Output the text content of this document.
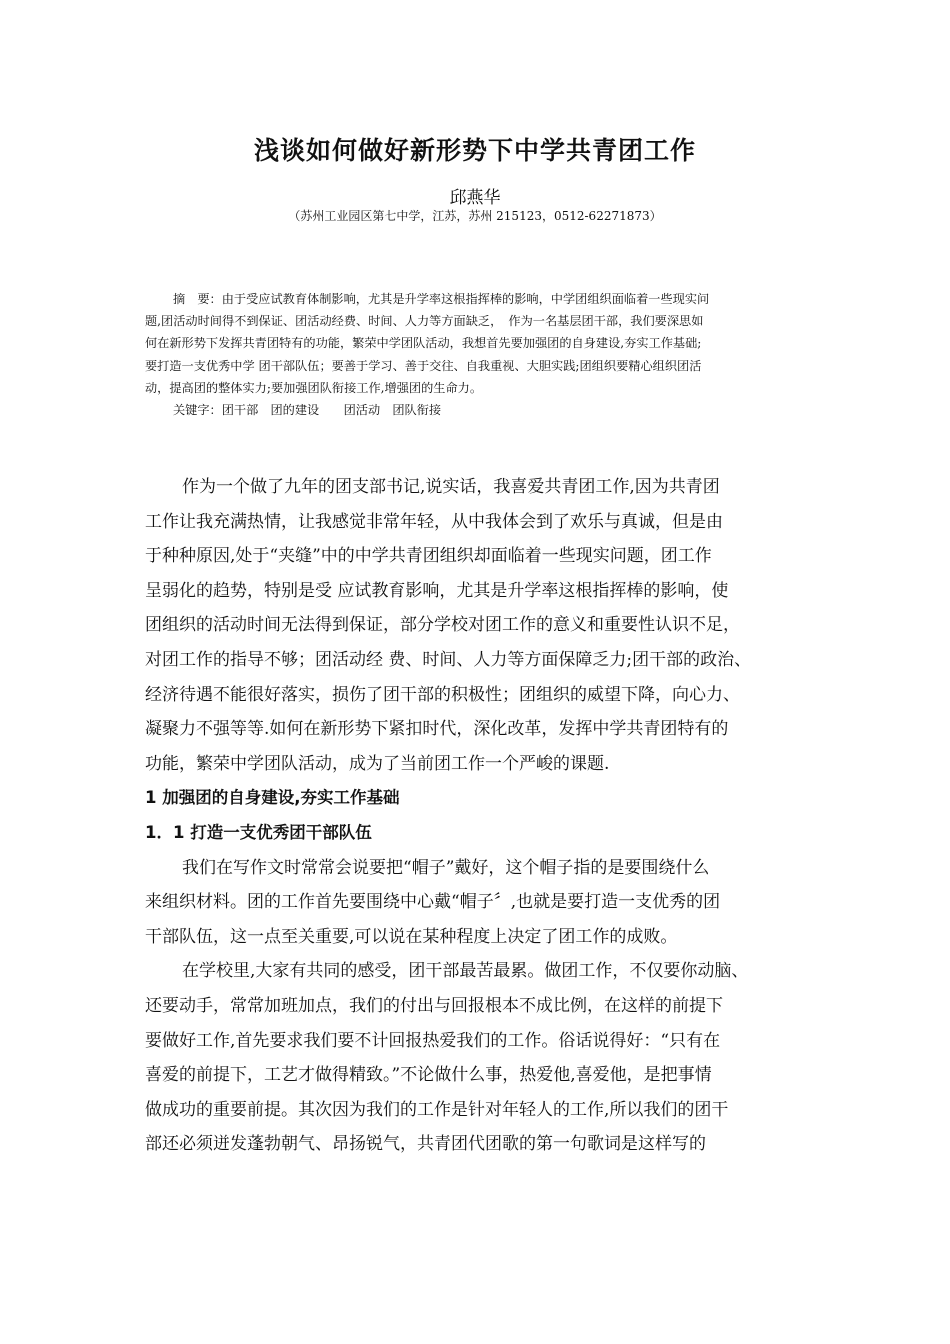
浅谈如何做好新形势下中学共青团工作
邱燕华
（苏州工业园区第七中学，江苏，苏州 215123，0512-62271873）
摘　要：由于受应试教育体制影响，尤其是升学率这根指挥棒的影响，中学团组织面临着一些现实问
题,团活动时间得不到保证、团活动经费、时间、人力等方面缺乏，　作为一名基层团干部，我们要深思如
何在新形势下发挥共青团特有的功能，繁荣中学团队活动，我想首先要加强团的自身建设,夯实工作基础;
要打造一支优秀中学 团干部队伍；要善于学习、善于交往、自我重视、大胆实践;团组织要精心组织团活
动，提高团的整体实力;要加强团队衔接工作,增强团的生命力。
关键字：团干部　团的建设　　团活动　团队衔接
作为一个做了九年的团支部书记,说实话，我喜爱共青团工作,因为共青团
工作让我充满热情，让我感觉非常年轻，从中我体会到了欢乐与真诚，但是由
于种种原因,处于“夹缝”中的中学共青团组织却面临着一些现实问题，团工作
呈弱化的趋势，特别是受 应试教育影响，尤其是升学率这根指挥棒的影响，使
团组织的活动时间无法得到保证，部分学校对团工作的意义和重要性认识不足，
对团工作的指导不够；团活动经 费、时间、人力等方面保障乏力;团干部的政治、
经济待遇不能很好落实，损伤了团干部的积极性；团组织的威望下降，向心力、
凝聚力不强等等.如何在新形势下紧扣时代，深化改革，发挥中学共青团特有的
功能，繁荣中学团队活动，成为了当前团工作一个严峻的课题.
1 加强团的自身建设,夯实工作基础
1．1 打造一支优秀团干部队伍
我们在写作文时常常会说要把“帽子”戴好，这个帽子指的是要围绕什么
来组织材料。团的工作首先要围绕中心戴“帽子〞,也就是要打造一支优秀的团
干部队伍，这一点至关重要,可以说在某种程度上决定了团工作的成败。
在学校里,大家有共同的感受，团干部最苦最累。做团工作，不仅要你动脑、
还要动手，常常加班加点，我们的付出与回报根本不成比例，在这样的前提下
要做好工作,首先要求我们要不计回报热爱我们的工作。俗话说得好：“只有在
喜爱的前提下，工艺才做得精致。”不论做什么事，热爱他,喜爱他，是把事情
做成功的重要前提。其次因为我们的工作是针对年轻人的工作,所以我们的团干
部还必须迸发蓬勃朝气、昂扬锐气，共青团代团歌的第一句歌词是这样写的
